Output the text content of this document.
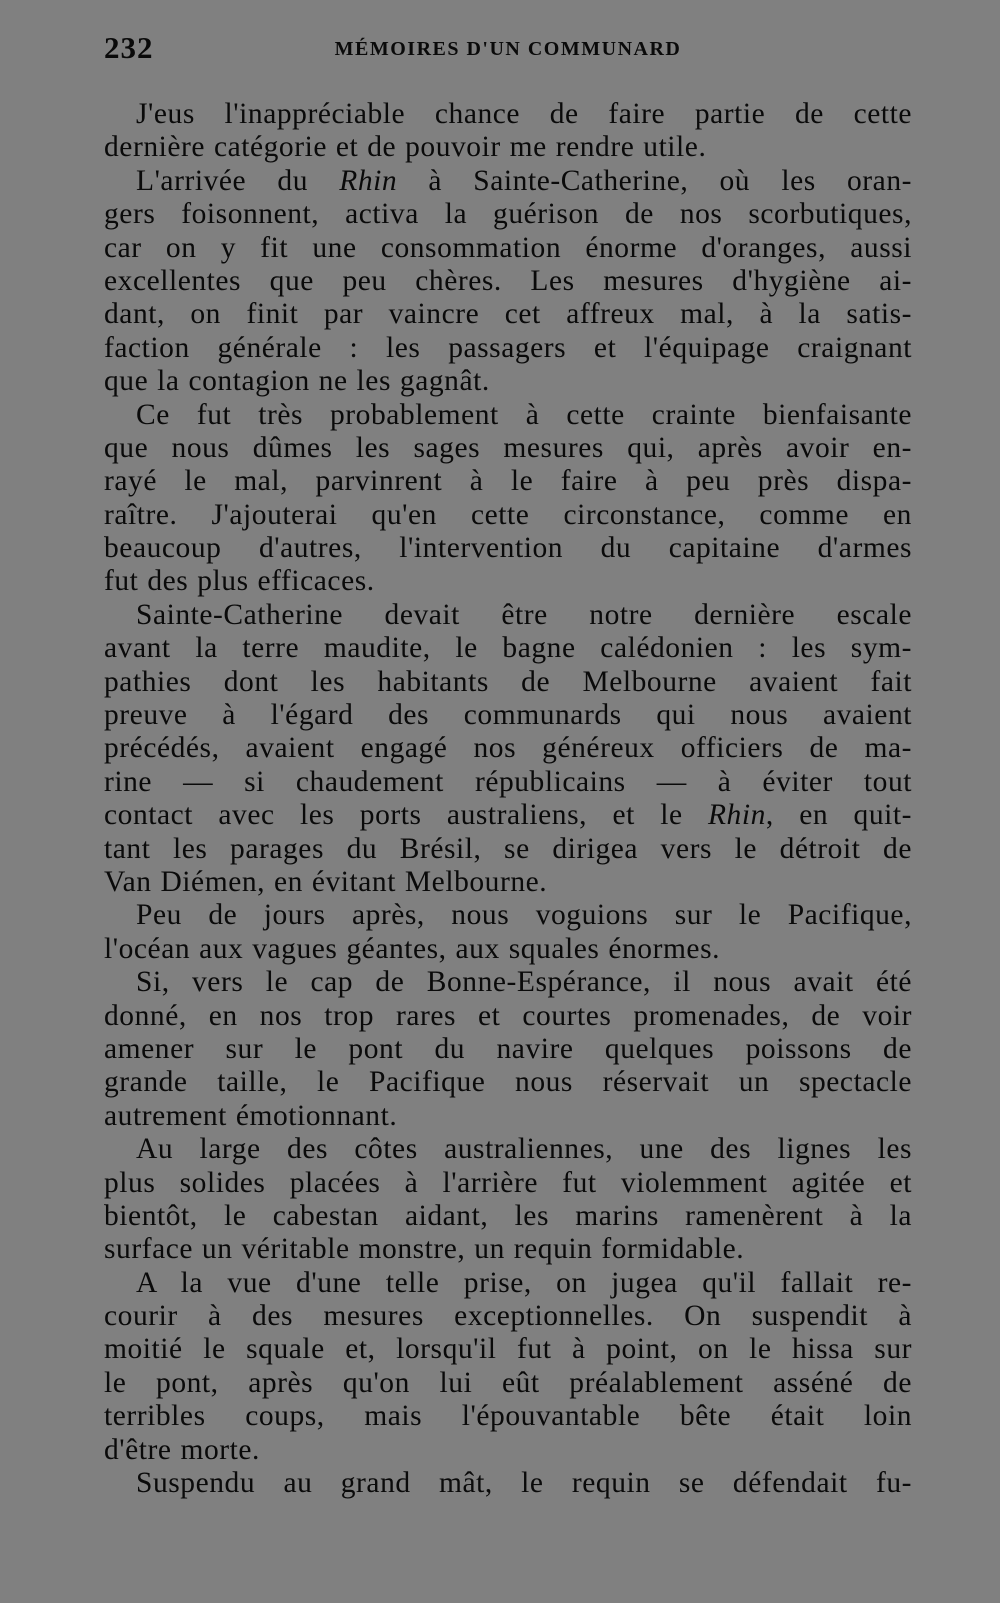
232	MÉMOIRES D'UN COMMUNARD
J'eus l'inappréciable chance de faire partie de cette
dernière catégorie et de pouvoir me rendre utile.
L'arrivée du Rhin à Sainte-Catherine, où les oran-
gers foisonnent, activa la guérison de nos scorbutiques,
car on y fit une consommation énorme d'oranges, aussi
excellentes que peu chères. Les mesures d'hygiène ai-
dant, on finit par vaincre cet affreux mal, à la satis-
faction générale : les passagers et l'équipage craignant
que la contagion ne les gagnât.
Ce fut très probablement à cette crainte bienfaisante
que nous dûmes les sages mesures qui, après avoir en-
rayé le mal, parvinrent à le faire à peu près dispa-
raître. J'ajouterai qu'en cette circonstance, comme en
beaucoup d'autres, l'intervention du capitaine d'armes
fut des plus efficaces.
Sainte-Catherine devait être notre dernière escale
avant la terre maudite, le bagne calédonien : les sym-
pathies dont les habitants de Melbourne avaient fait
preuve à l'égard des communards qui nous avaient
précédés, avaient engagé nos généreux officiers de ma-
rine — si chaudement républicains — à éviter tout
contact avec les ports australiens, et le Rhin, en quit-
tant les parages du Brésil, se dirigea vers le détroit de
Van Diémen, en évitant Melbourne.
Peu de jours après, nous voguions sur le Pacifique,
l'océan aux vagues géantes, aux squales énormes.
Si, vers le cap de Bonne-Espérance, il nous avait été
donné, en nos trop rares et courtes promenades, de voir
amener sur le pont du navire quelques poissons de
grande taille, le Pacifique nous réservait un spectacle
autrement émotionnant.
Au large des côtes australiennes, une des lignes les
plus solides placées à l'arrière fut violemment agitée et
bientôt, le cabestan aidant, les marins ramenèrent à la
surface un véritable monstre, un requin formidable.
A la vue d'une telle prise, on jugea qu'il fallait re-
courir à des mesures exceptionnelles. On suspendit à
moitié le squale et, lorsqu'il fut à point, on le hissa sur
le pont, après qu'on lui eût préalablement asséné de
terribles coups, mais l'épouvantable bête était loin
d'être morte.
Suspendu au grand mât, le requin se défendait fu-
